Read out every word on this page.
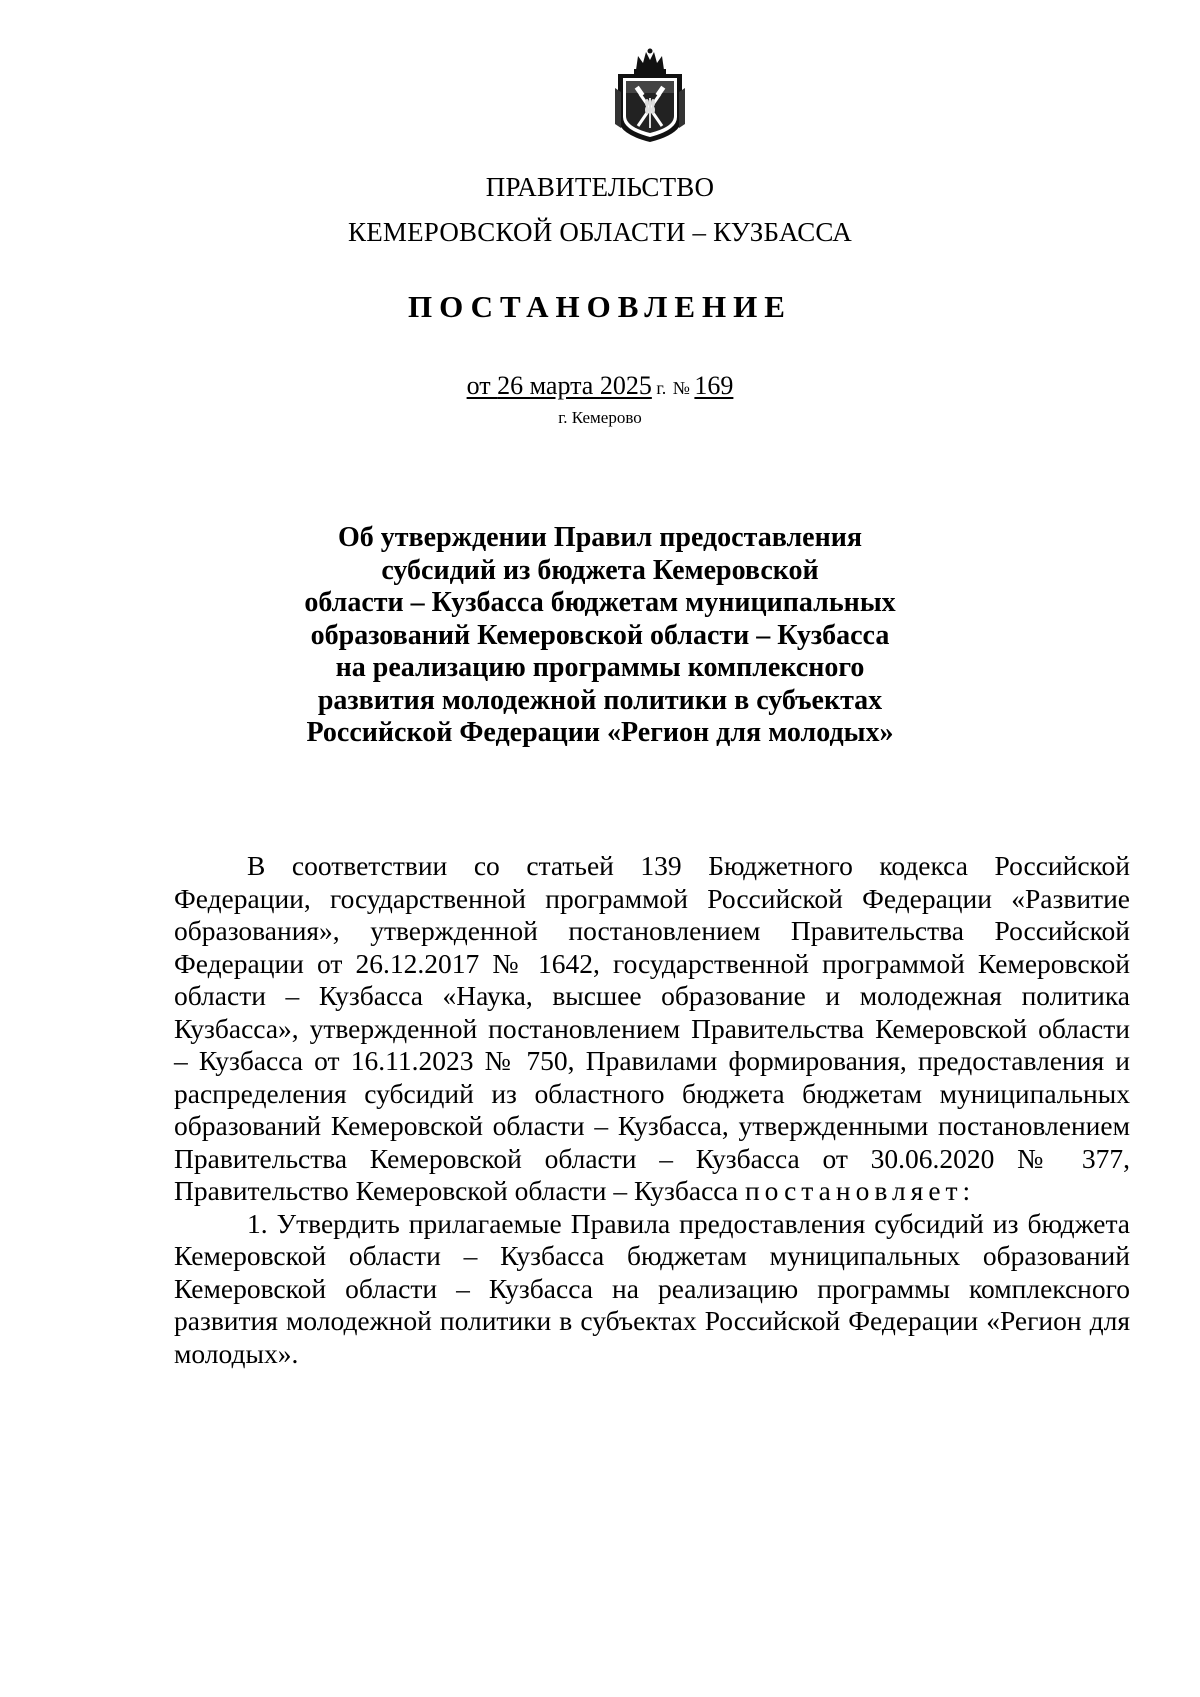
ПРАВИТЕЛЬСТВО
КЕМЕРОВСКОЙ ОБЛАСТИ – КУЗБАССА
ПОСТАНОВЛЕНИЕ
от 26 марта 2025 г. № 169
г. Кемерово
Об утверждении Правил предоставления
субсидий из бюджета Кемеровской
области – Кузбасса бюджетам муниципальных
образований Кемеровской области – Кузбасса
на реализацию программы комплексного
развития молодежной политики в субъектах
Российской Федерации «Регион для молодых»

В соответствии со статьей 139 Бюджетного кодекса Российской Федерации, государственной программой Российской Федерации «Развитие образования», утвержденной постановлением Правительства Российской Федерации от 26.12.2017 № 1642, государственной программой Кемеровской области – Кузбасса «Наука, высшее образование и молодежная политика Кузбасса», утвержденной постановлением Правительства Кемеровской области – Кузбасса от 16.11.2023 № 750, Правилами формирования, предоставления и распределения субсидий из областного бюджета бюджетам муниципальных образований Кемеровской области – Кузбасса, утвержденными постановлением Правительства Кемеровской области – Кузбасса от 30.06.2020 № 377, Правительство Кемеровской области – Кузбасса постановляет:

1. Утвердить прилагаемые Правила предоставления субсидий из бюджета Кемеровской области – Кузбасса бюджетам муниципальных образований Кемеровской области – Кузбасса на реализацию программы комплексного развития молодежной политики в субъектах Российской Федерации «Регион для молодых».
